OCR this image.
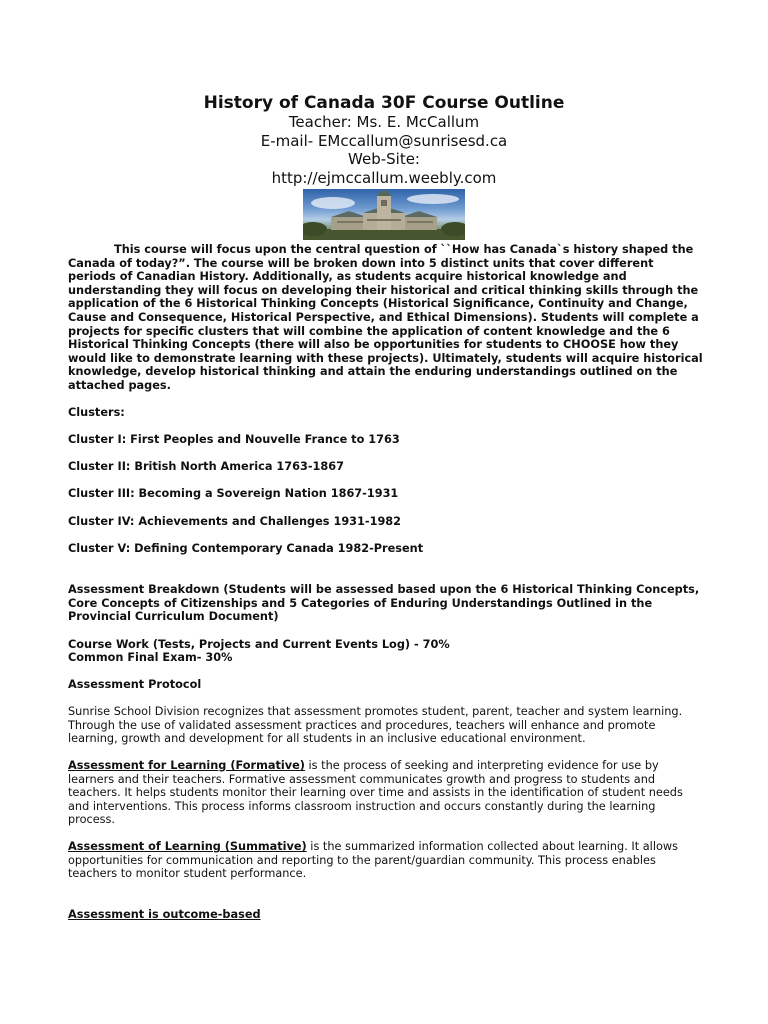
History of Canada 30F Course Outline
Teacher: Ms. E. McCallum
E-mail- EMccallum@sunrisesd.ca
Web-Site:
http://ejmccallum.weebly.com

This course will focus upon the central question of ``How has Canada`s history shaped the Canada of today?”. The course will be broken down into 5 distinct units that cover different periods of Canadian History. Additionally, as students acquire historical knowledge and understanding they will focus on developing their historical and critical thinking skills through the application of the 6 Historical Thinking Concepts (Historical Significance, Continuity and Change, Cause and Consequence, Historical Perspective, and Ethical Dimensions). Students will complete a projects for specific clusters that will combine the application of content knowledge and the 6 Historical Thinking Concepts (there will also be opportunities for students to CHOOSE how they would like to demonstrate learning with these projects). Ultimately, students will acquire historical knowledge, develop historical thinking and attain the enduring understandings outlined on the attached pages.

Clusters:

Cluster I: First Peoples and Nouvelle France to 1763

Cluster II: British North America 1763-1867

Cluster III: Becoming a Sovereign Nation 1867-1931

Cluster IV: Achievements and Challenges 1931-1982

Cluster V: Defining Contemporary Canada 1982-Present

Assessment Breakdown (Students will be assessed based upon the 6 Historical Thinking Concepts, Core Concepts of Citizenships and 5 Categories of Enduring Understandings Outlined in the Provincial Curriculum Document)

Course Work (Tests, Projects and Current Events Log) - 70%

Common Final Exam- 30%

Assessment Protocol

Sunrise School Division recognizes that assessment promotes student, parent, teacher and system learning. Through the use of validated assessment practices and procedures, teachers will enhance and promote learning, growth and development for all students in an inclusive educational environment.

Assessment for Learning (Formative) is the process of seeking and interpreting evidence for use by learners and their teachers. Formative assessment communicates growth and progress to students and teachers. It helps students monitor their learning over time and assists in the identification of student needs and interventions. This process informs classroom instruction and occurs constantly during the learning process.

Assessment of Learning (Summative) is the summarized information collected about learning. It allows opportunities for communication and reporting to the parent/guardian community. This process enables teachers to monitor student performance.

Assessment is outcome-based
